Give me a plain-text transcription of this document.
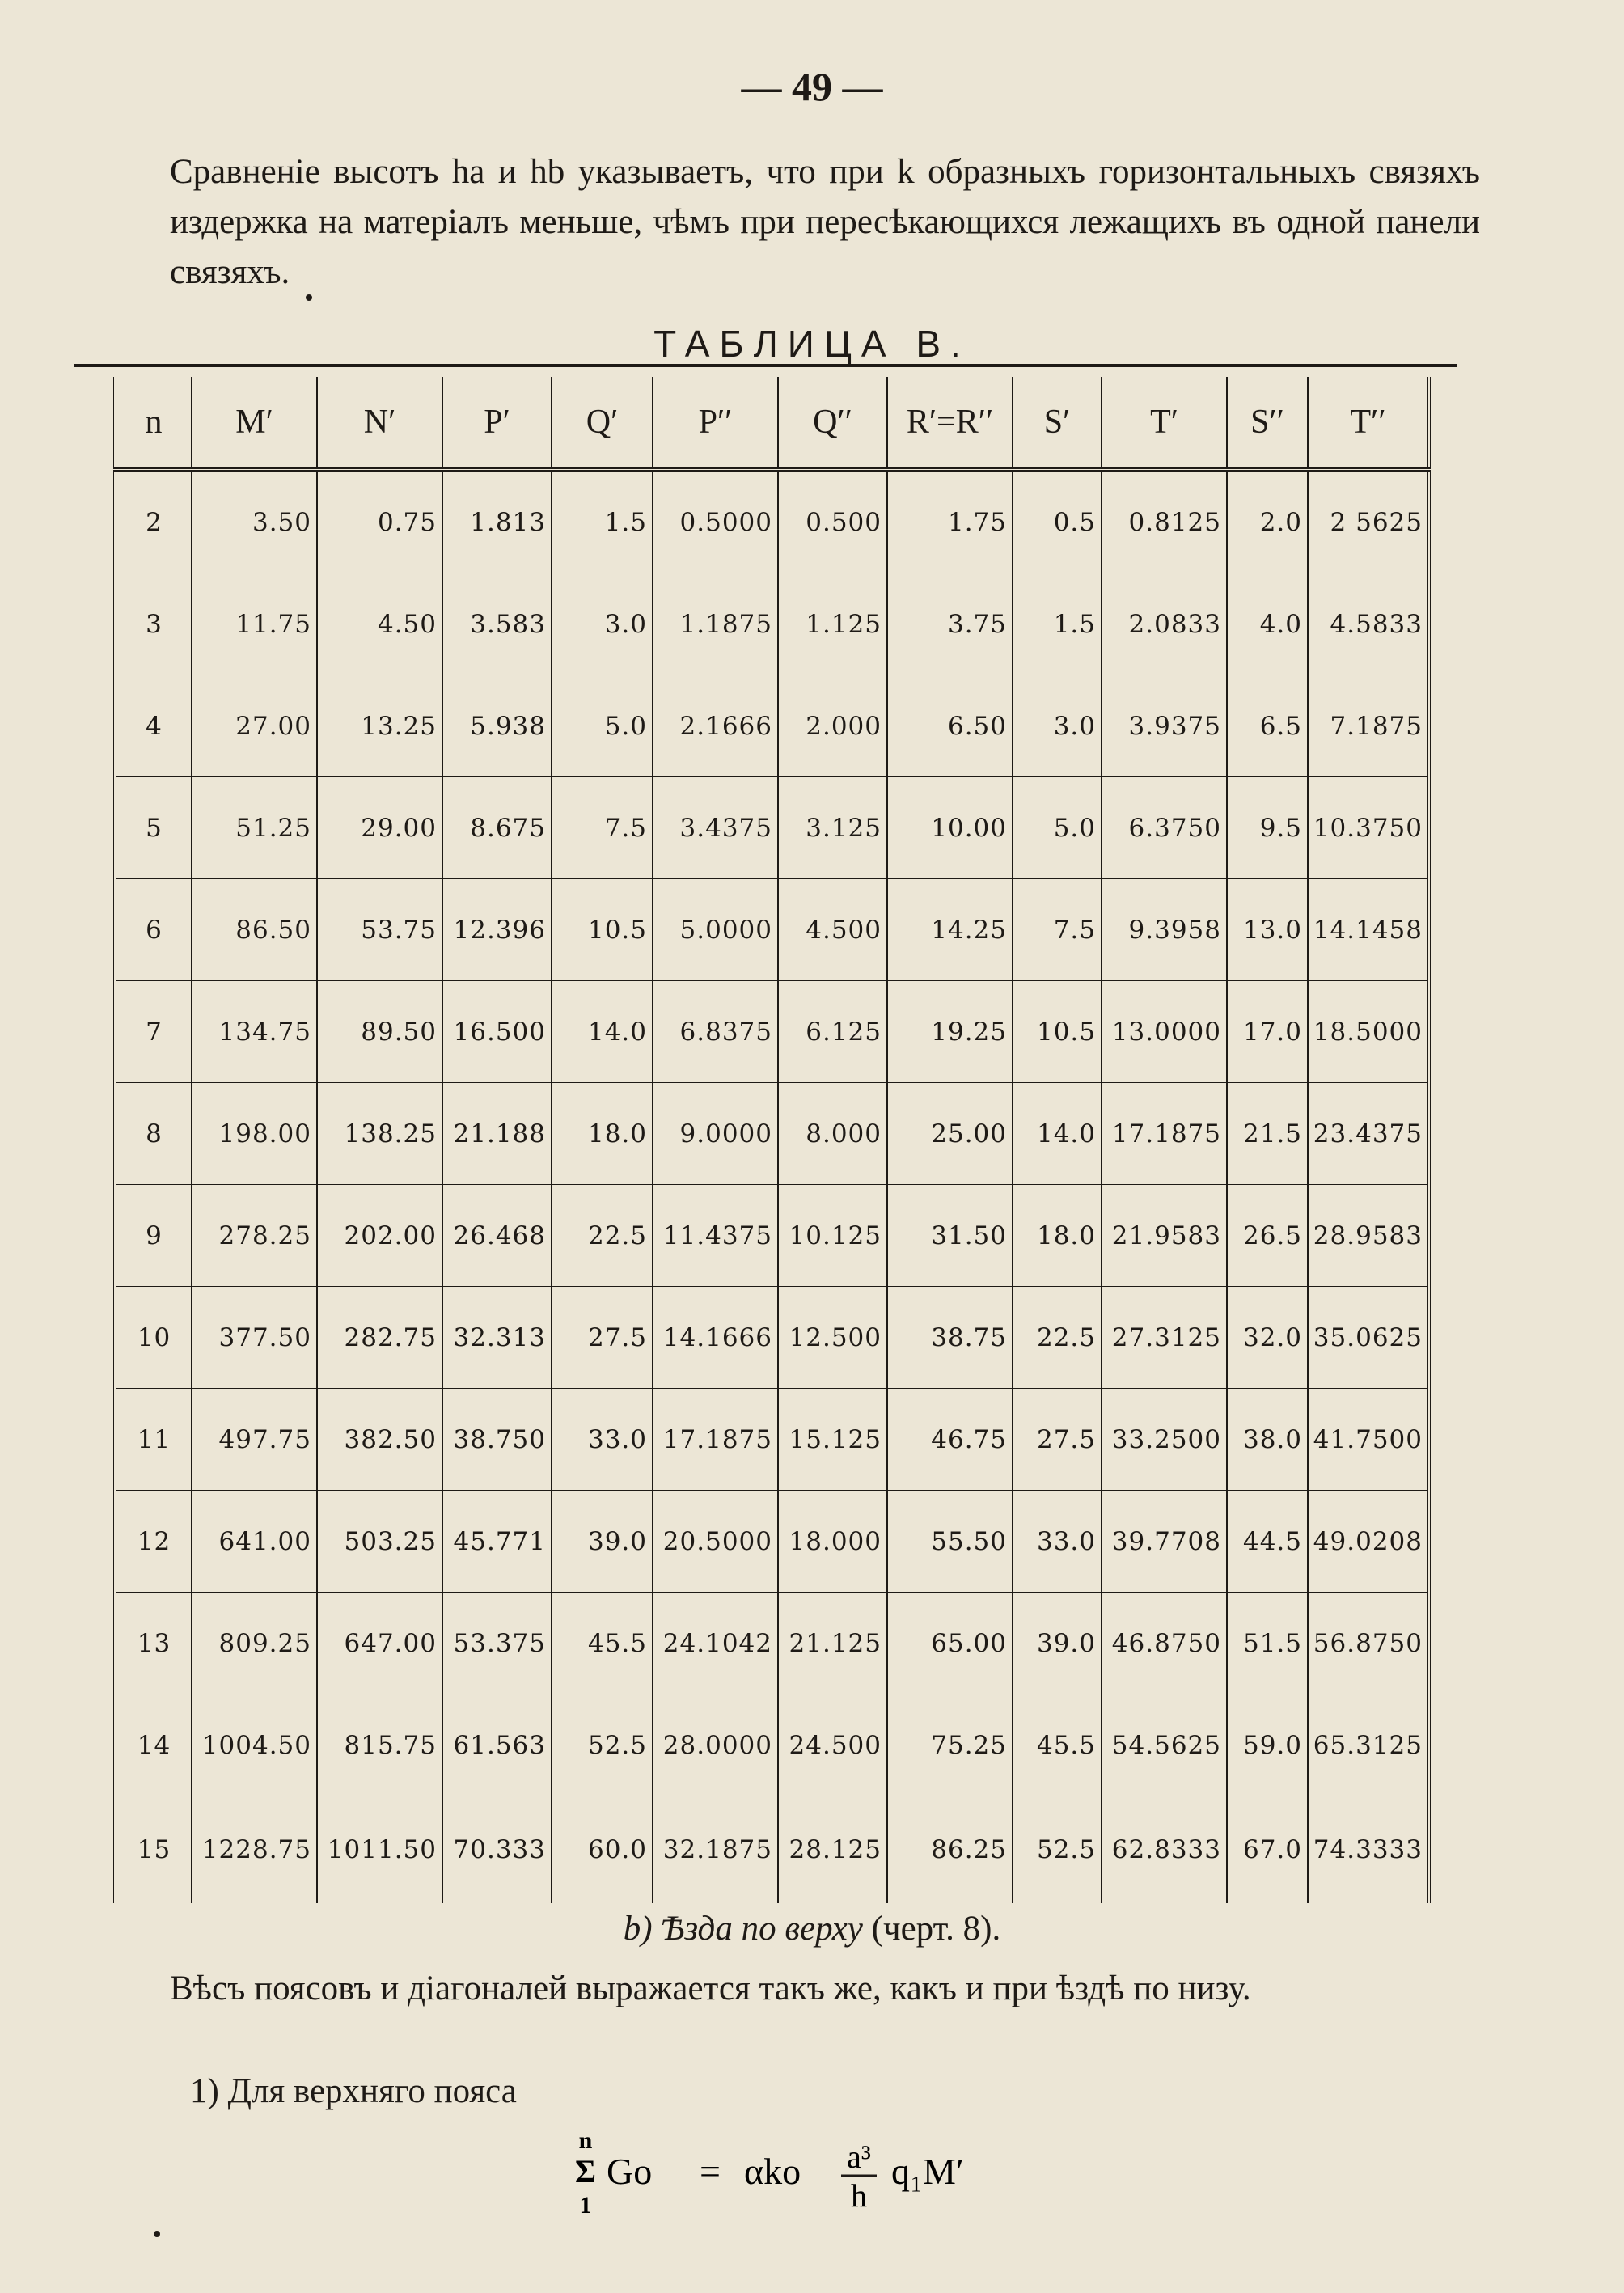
— 49 —
Сравненіе высотъ ha и hb указываетъ, что при k образныхъ горизонтальныхъ связяхъ издержка на матеріалъ меньше, чѣмъ при пересѣкающихся лежащихъ въ одной панели связяхъ.
ТАБЛИЦА B.
n	M′	N′	P′	Q′	P′′	Q′′	R′=R′′	S′	T′	S′′	T′′
2	3.50	0.75	1.813	1.5	0.5000	0.500	1.75	0.5	0.8125	2.0	2 5625
3	11.75	4.50	3.583	3.0	1.1875	1.125	3.75	1.5	2.0833	4.0	4.5833
4	27.00	13.25	5.938	5.0	2.1666	2.000	6.50	3.0	3.9375	6.5	7.1875
5	51.25	29.00	8.675	7.5	3.4375	3.125	10.00	5.0	6.3750	9.5	10.3750
6	86.50	53.75	12.396	10.5	5.0000	4.500	14.25	7.5	9.3958	13.0	14.1458
7	134.75	89.50	16.500	14.0	6.8375	6.125	19.25	10.5	13.0000	17.0	18.5000
8	198.00	138.25	21.188	18.0	9.0000	8.000	25.00	14.0	17.1875	21.5	23.4375
9	278.25	202.00	26.468	22.5	11.4375	10.125	31.50	18.0	21.9583	26.5	28.9583
10	377.50	282.75	32.313	27.5	14.1666	12.500	38.75	22.5	27.3125	32.0	35.0625
11	497.75	382.50	38.750	33.0	17.1875	15.125	46.75	27.5	33.2500	38.0	41.7500
12	641.00	503.25	45.771	39.0	20.5000	18.000	55.50	33.0	39.7708	44.5	49.0208
13	809.25	647.00	53.375	45.5	24.1042	21.125	65.00	39.0	46.8750	51.5	56.8750
14	1004.50	815.75	61.563	52.5	28.0000	24.500	75.25	45.5	54.5625	59.0	65.3125
15	1228.75	1011.50	70.333	60.0	32.1875	28.125	86.25	52.5	62.8333	67.0	74.3333
b) Ѣзда по верху (черт. 8).
Вѣсъ поясовъ и діагоналей выражается такъ же, какъ и при ѣздѣ по низу.
1) Для верхняго пояса
n
Σ
1
Go = αko a³
h
q₁M′
